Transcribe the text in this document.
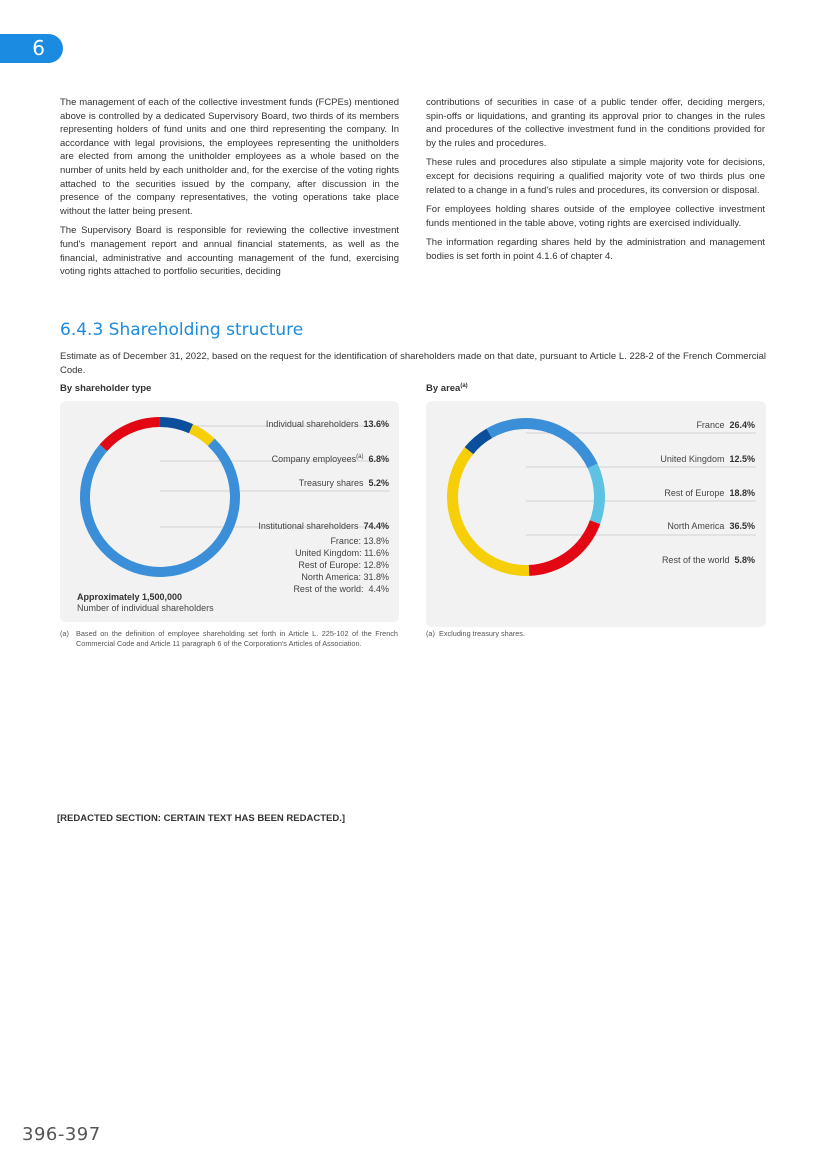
6

The management of each of the collective investment funds (FCPEs) mentioned above is controlled by a dedicated Supervisory Board, two thirds of its members representing holders of fund units and one third representing the company. In accordance with legal provisions, the employees representing the unitholders are elected from among the unitholder employees as a whole based on the number of units held by each unitholder and, for the exercise of the voting rights attached to the securities issued by the company, after discussion in the presence of the company representatives, the voting operations take place without the latter being present.

The Supervisory Board is responsible for reviewing the collective investment fund's management report and annual financial statements, as well as the financial, administrative and accounting management of the fund, exercising voting rights attached to portfolio securities, deciding

contributions of securities in case of a public tender offer, deciding mergers, spin-offs or liquidations, and granting its approval prior to changes in the rules and procedures of the collective investment fund in the conditions provided for by the rules and procedures.

These rules and procedures also stipulate a simple majority vote for decisions, except for decisions requiring a qualified majority vote of two thirds plus one related to a change in a fund's rules and procedures, its conversion or disposal.

For employees holding shares outside of the employee collective investment funds mentioned in the table above, voting rights are exercised individually.

The information regarding shares held by the administration and management bodies is set forth in point 4.1.6 of chapter 4.

6.4.3 Shareholding structure

Estimate as of December 31, 2022, based on the request for the identification of shareholders made on that date, pursuant to Article L. 228-2 of the French Commercial Code.

By shareholder type	By area$^{(a)}$
Individual shareholders 13.6%
Company employees$^{(a)}$ 6.8%
Treasury shares 5.2%
Institutional shareholders 74.4%
France: 13.8%
United Kingdom: 11.6%
Rest of Europe: 12.8%
North America: 31.8%
Rest of the world: 4.4%
Approximately 1,500,000
Number of individual shareholders
France 26.4%
United Kingdom 12.5%
Rest of Europe 18.8%
North America 36.5%
Rest of the world 5.8%
(a) Based on the definition of employee shareholding set forth in Article L. 225-102 of the French Commercial Code and Article 11 paragraph 6 of the Corporation's Articles of Association.
(a) Excluding treasury shares.
[REDACTED SECTION: CERTAIN TEXT HAS BEEN REDACTED.]
396-397
